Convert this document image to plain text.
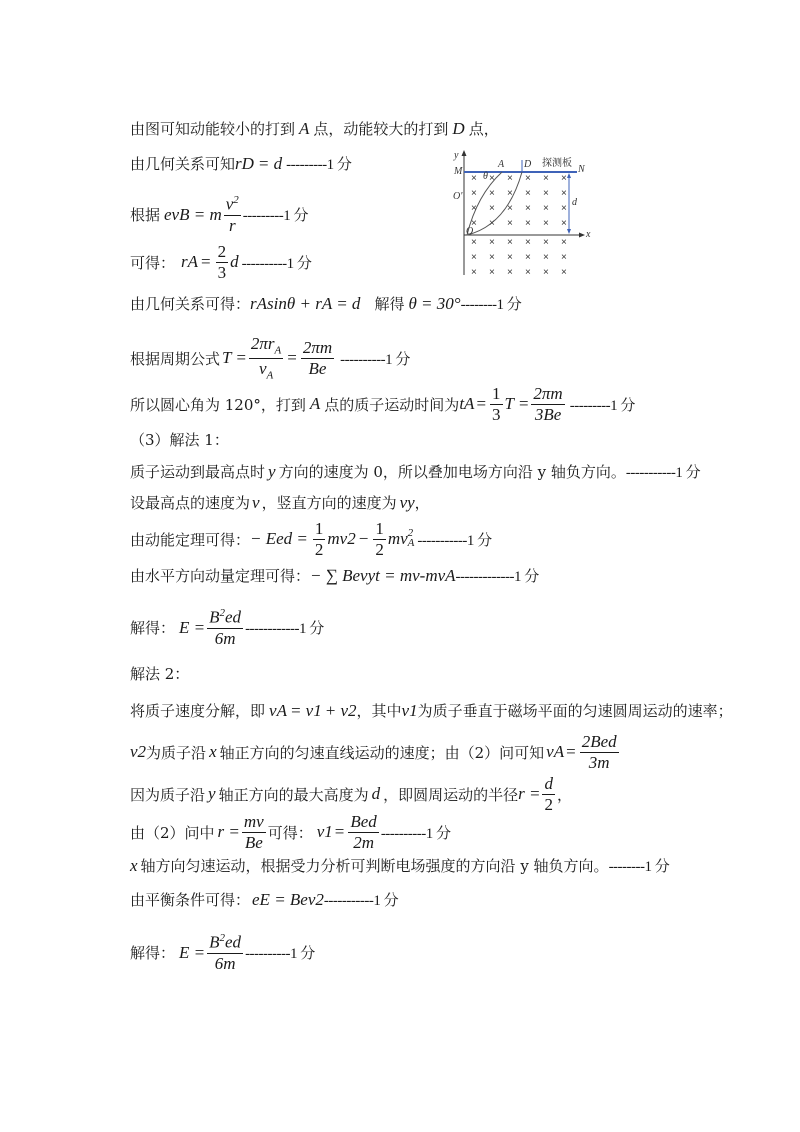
由图可知动能较小的打到 A 点，动能较大的打到 D 点，
由几何关系可知 r D = d ---------1 分
根据 evB = m $\frac{v^2}{r} ---------1$ 分
可得： r $A = \frac{2}{3}$ d ----------1 分
由几何关系可得： r A sinθ + r A = d 解得 θ = 30° --------1 分
根据周期公式 $T = \frac{2\pi r_A}{v_A} = \frac{2\pi m}{Be} ----------1$ 分
所以圆心角为 120°，打到 A 点的质子运动时间为 t $A = \frac{1}{3}$ $T = \frac{2\pi m}{3Be} ---------1$ 分
（3）解法 1：
质子运动到最高点时 y 方向的速度为 0，所以叠加电场方向沿 y 轴负方向。 -----------1 分
设最高点的速度为 v ，竖直方向的速度为 v y ，
由动能定理可得： − Eed = $\frac{1}{2}$ mv $2 - \frac{1}{2}$ mv 2
A -----------1 分
由水平方向动量定理可得： − ∑ Bev y t = mv-mv A -------------1 分
解得： $E = \frac{B^2ed}{6m} ------------1$ 分
解法 2：
将质子速度分解，即 v A = v 1 + v 2 ，其中 v 1 为质子垂直于磁场平面的匀速圆周运动的速率；
v 2 为质子沿 x 轴正方向的匀速直线运动的速度；由（2）问可知 v $A = \frac{\text{2Bed}}{3m}$
因为质子沿 y 轴正方向的最大高度为 d ，即圆周运动的半径 $r = \frac{d}{2}$ ，
由（2）问中 $r = \frac{mv}{Be}$ 可得： v $1 = \frac{\text{Bed}}{2m} ----------1$ 分
x 轴方向匀速运动，根据受力分析可判断电场强度的方向沿 y 轴负方向。 --------1 分
由平衡条件可得： eE = Bev 2 -----------1 分
解得： $E = \frac{B^2ed}{6m} ----------1$ 分
y
x
M	N
探测板
A D
θ
O'
O
d
× × × × × ×
× × × × × ×
× × × × × ×
× × × × × ×
× × × × × ×
× × × × × ×
× × × × × ×
